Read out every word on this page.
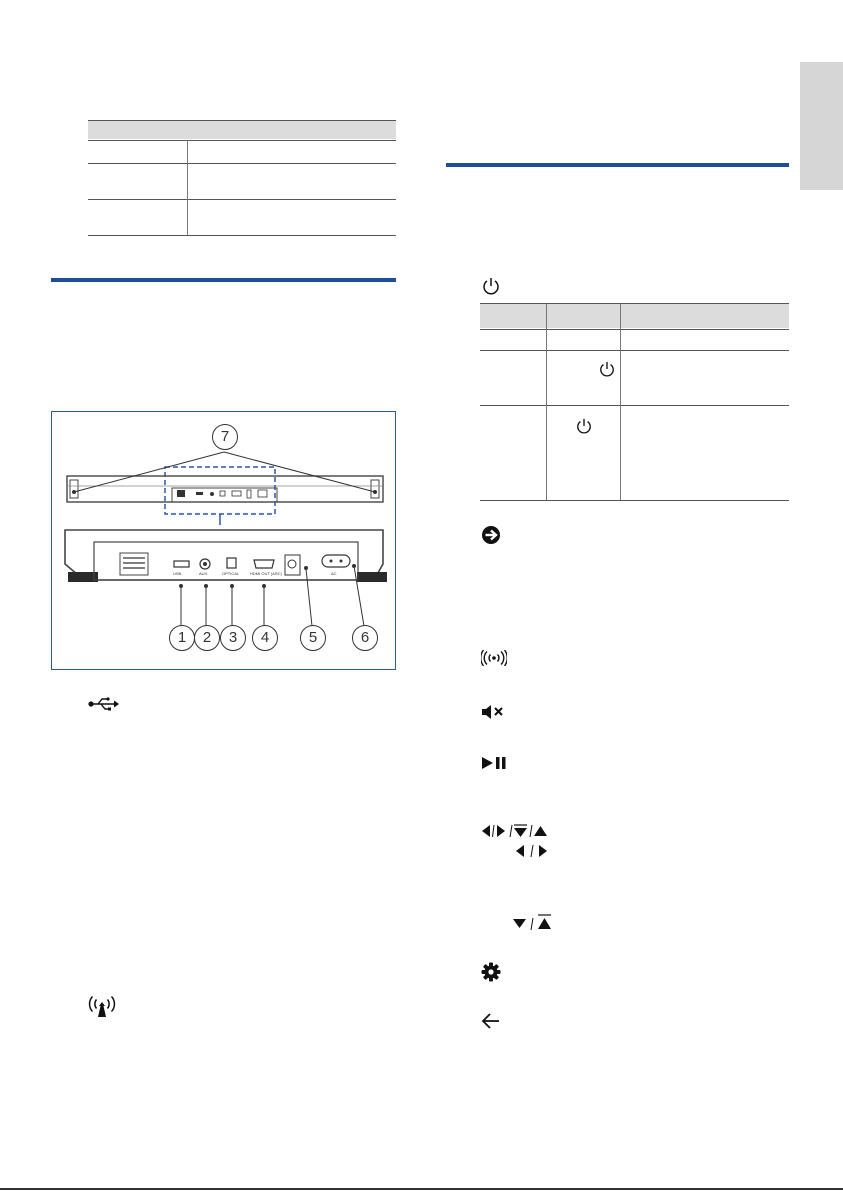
USB	AUX	OPTICAL	HDMI OUT (ARC)	AC
7
1	2	3	4	5	6
